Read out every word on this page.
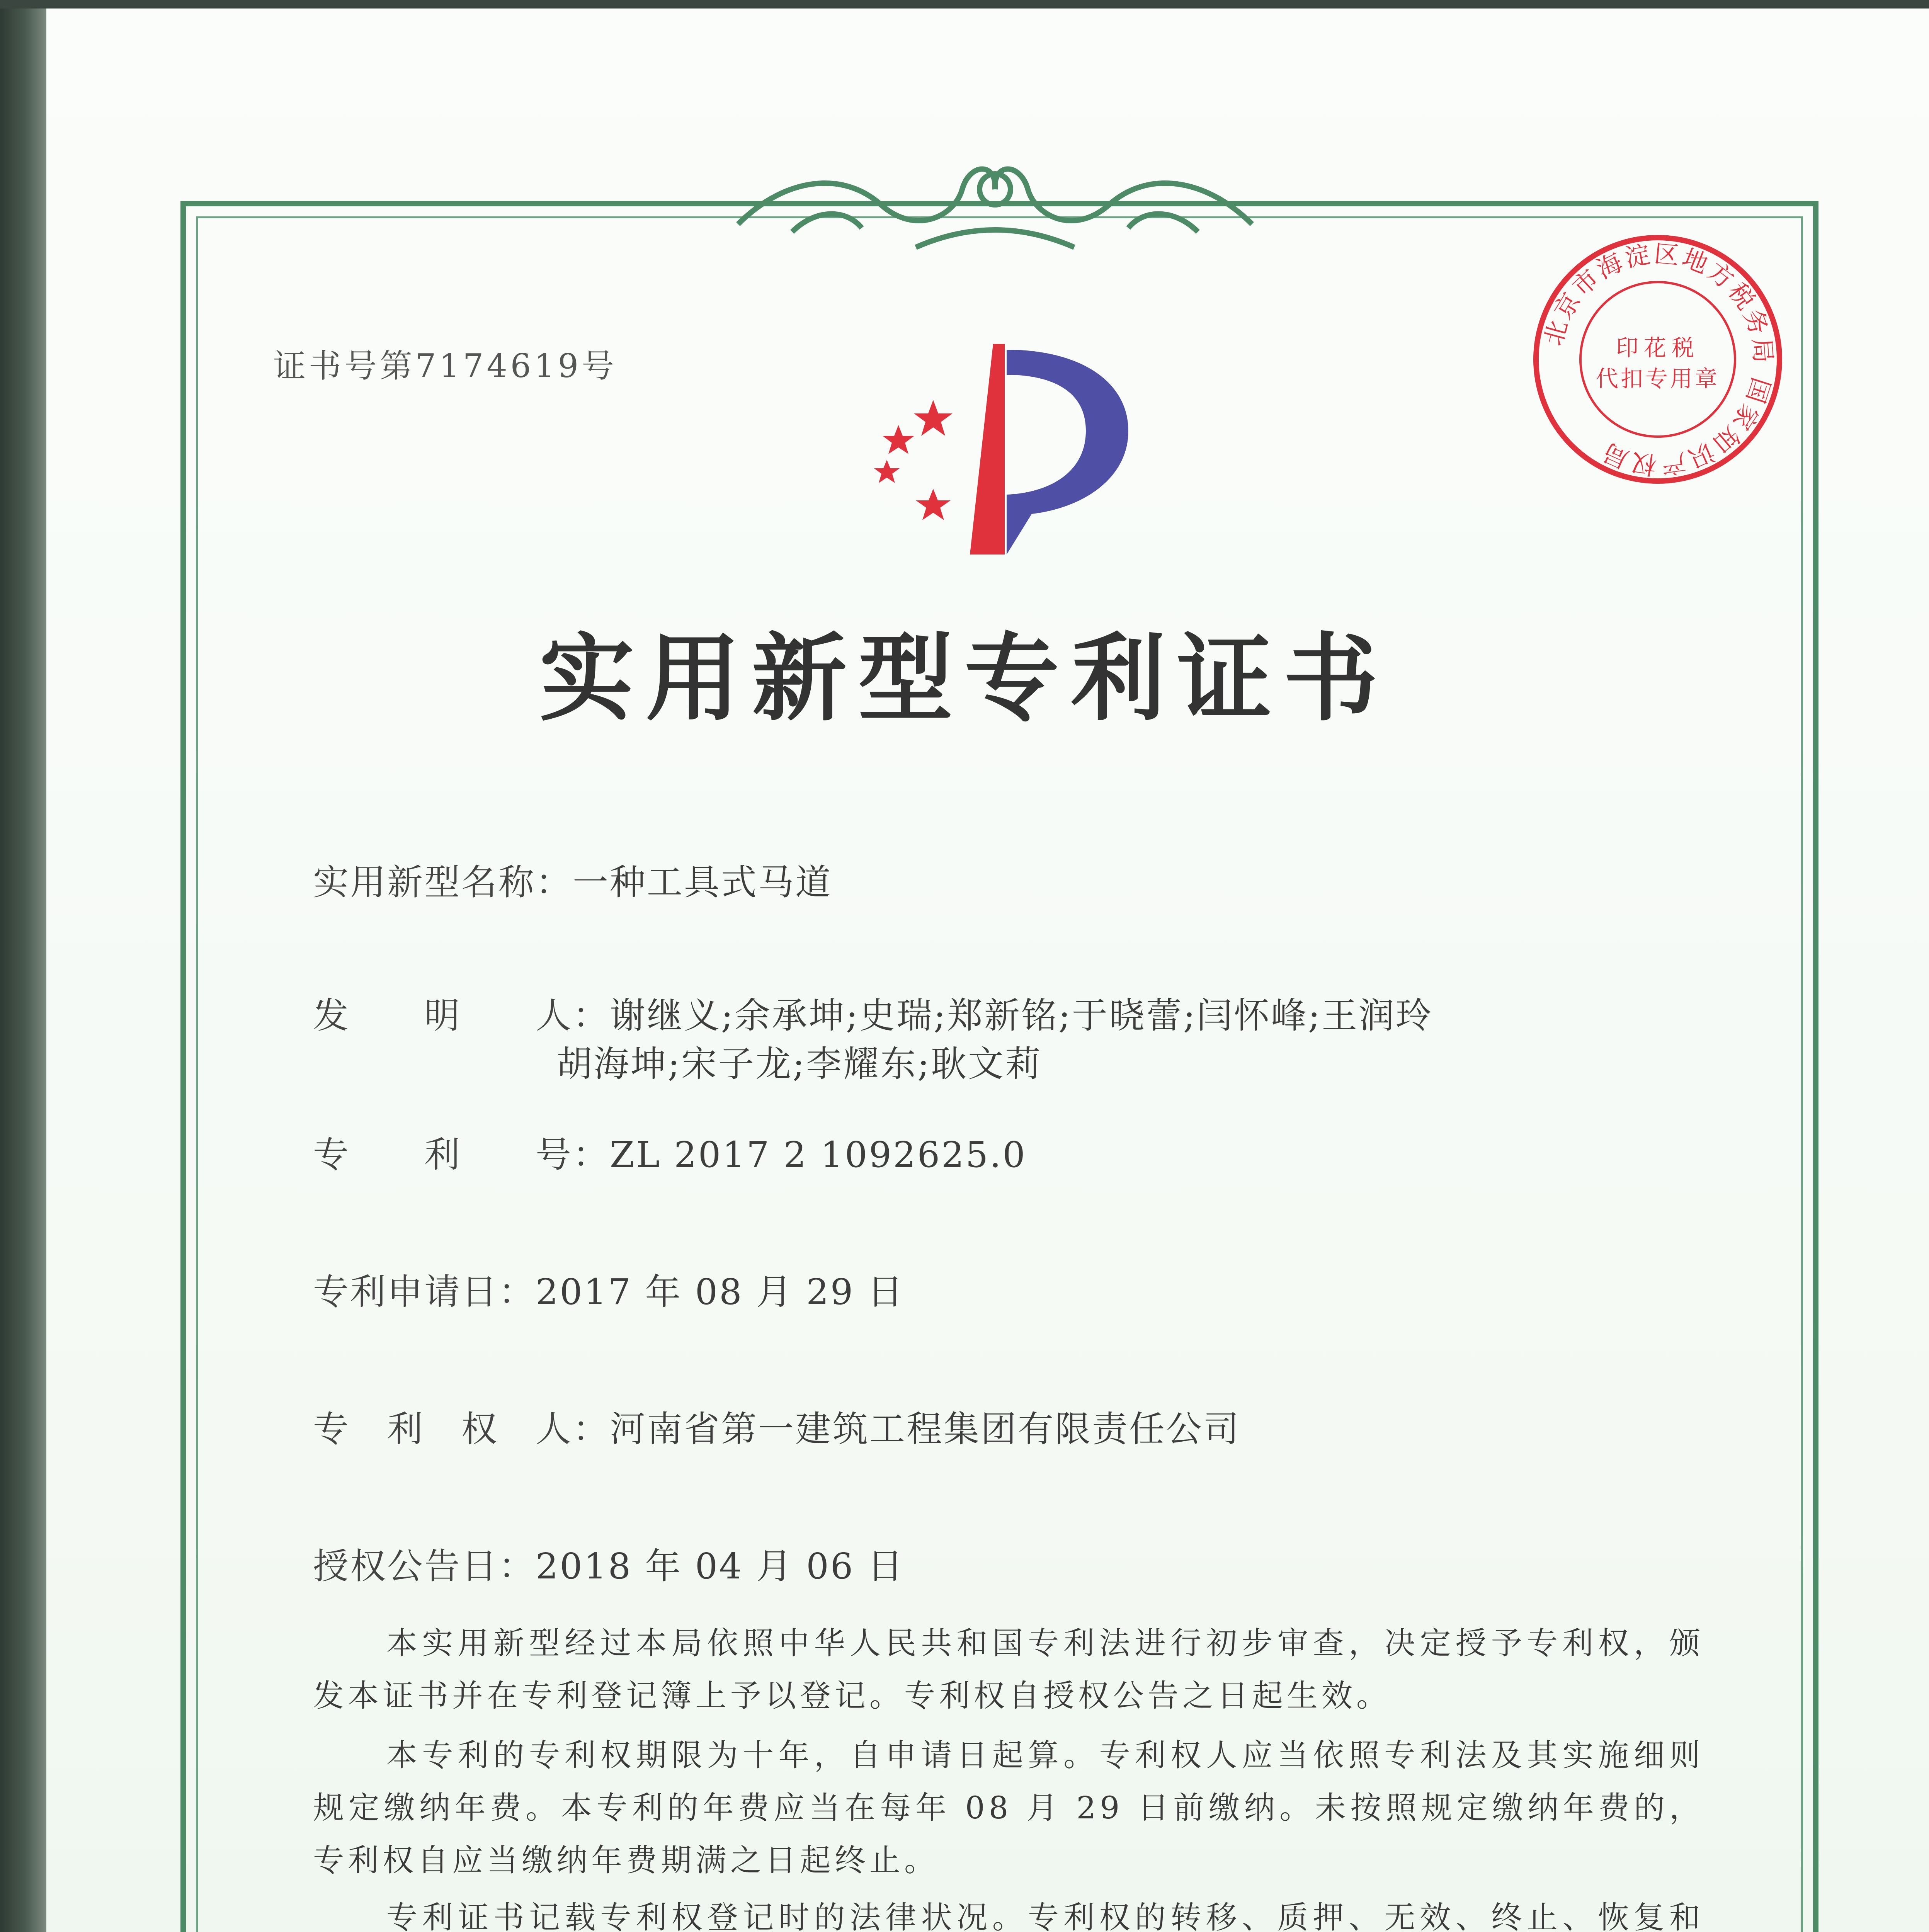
北京市海淀区地方税务局 国家知识产权局
印花税
代扣专用章
证书号第7174619号
实用新型专利证书
实用新型名称：一种工具式马道
发　　明　　人：谢继义;余承坤;史瑞;郑新铭;于晓蕾;闫怀峰;王润玲
胡海坤;宋子龙;李耀东;耿文莉
专　　利　　号：ZL 2017 2 1092625.0
专利申请日：2017 年 08 月 29 日
专　利　权　人：河南省第一建筑工程集团有限责任公司
授权公告日：2018 年 04 月 06 日
本实用新型经过本局依照中华人民共和国专利法进行初步审查，决定授予专利权，颁发本证书并在专利登记簿上予以登记。专利权自授权公告之日起生效。
本专利的专利权期限为十年，自申请日起算。专利权人应当依照专利法及其实施细则规定缴纳年费。本专利的年费应当在每年 08 月 29 日前缴纳。未按照规定缴纳年费的，专利权自应当缴纳年费期满之日起终止。
专利证书记载专利权登记时的法律状况。专利权的转移、质押、无效、终止、恢复和
